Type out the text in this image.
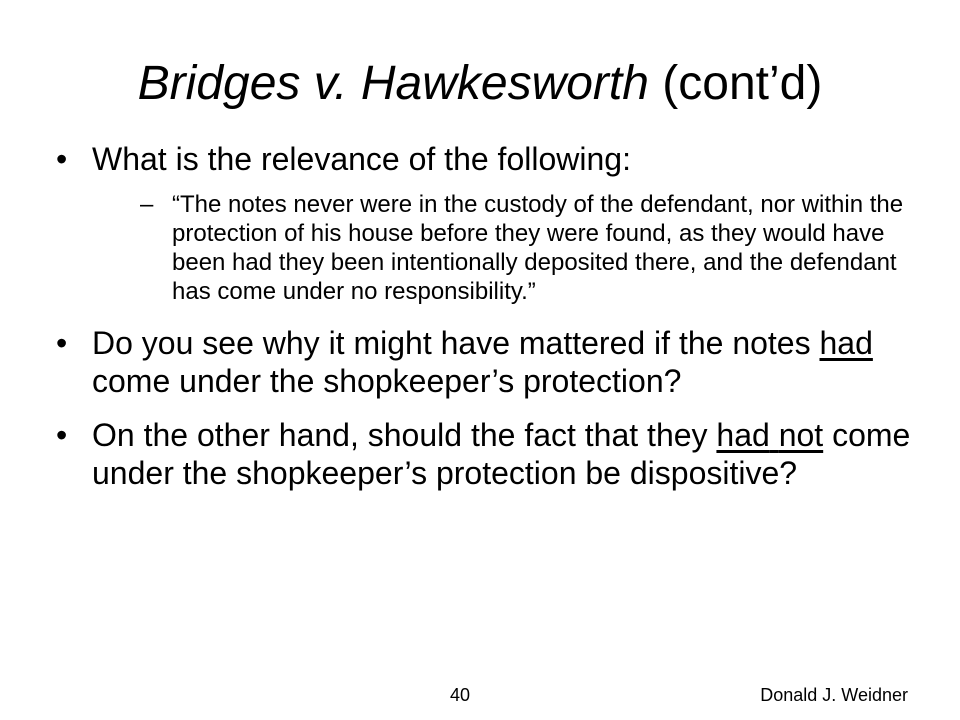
Bridges v. Hawkesworth (cont’d)
• What is the relevance of the following:
– “The notes never were in the custody of the defendant, nor within the protection of his house before they were found, as they would have been had they been intentionally deposited there, and the defendant has come under no responsibility.”
• Do you see why it might have mattered if the notes had come under the shopkeeper’s protection?
• On the other hand, should the fact that they had not come under the shopkeeper’s protection be dispositive?
40	Donald J. Weidner
